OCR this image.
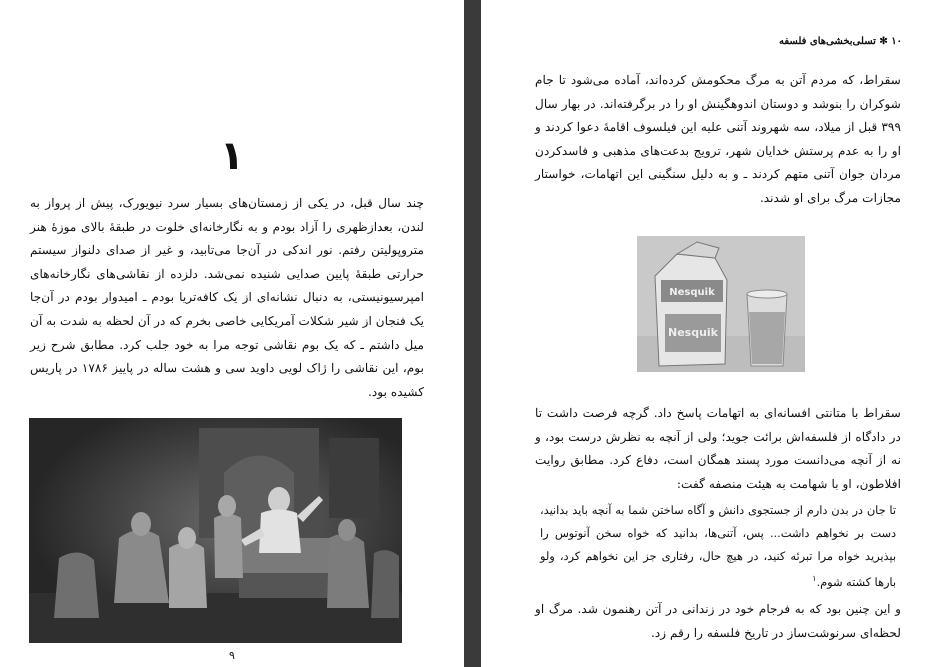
۱

چند سال قبل، در یکی از زمستان‌های بسیار سرد نیویورک، پیش از پرواز به لندن، بعدازظهری را آزاد بودم و به نگارخانه‌ای خلوت در طبقهٔ بالای موزهٔ هنر متروپولیتن رفتم. نور اندکی در آن‌جا می‌تابید، و غیر از صدای دلنواز سیستم حرارتی طبقهٔ پایین صدایی شنیده نمی‌شد. دلزده از نقاشی‌های نگارخانه‌های امپرسیونیستی، به دنبال نشانه‌ای از یک کافه‌تریا بودم ـ امیدوار بودم در آن‌جا یک فنجان از شیر شکلات آمریکایی خاصی بخرم که در آن لحظه به شدت به آن میل داشتم ـ که یک بوم نقاشی توجه مرا به خود جلب کرد. مطابق شرح زیر بوم، این نقاشی را ژاک لویی داوید سی و هشت ساله در پاییز ۱۷۸۶ در پاریس کشیده بود.

۹
۱۰ ✻ تسلی‌بخشی‌های فلسفه

سقراط، که مردم آتن به مرگ محکومش کرده‌اند، آماده می‌شود تا جام شوکران را بنوشد و دوستان اندوهگینش او را در برگرفته‌اند. در بهار سال ۳۹۹ قبل از میلاد، سه شهروند آتنی علیه این فیلسوف اقامهٔ دعوا کردند و او را به عدم پرستش خدایان شهر، ترویج بدعت‌های مذهبی و فاسدکردن مردان جوان آتنی متهم کردند ـ و به دلیل سنگینی این اتهامات، خواستار مجازات مرگ برای او شدند.

Nesquik
Nesquik

سقراط با متانتی افسانه‌ای به اتهامات پاسخ داد. گرچه فرصت داشت تا در دادگاه از فلسفه‌اش برائت جوید؛ ولی از آنچه به نظرش درست بود، و نه از آنچه می‌دانست مورد پسند همگان است، دفاع کرد. مطابق روایت افلاطون، او با شهامت به هیئت منصفه گفت:

تا جان در بدن دارم از جستجوی دانش و آگاه ساختن شما به آنچه باید بدانید، دست بر نخواهم داشت... پس، آتنی‌ها، بدانید که خواه سخن آنوتوس را بپذیرید خواه مرا تبرئه کنید، در هیچ حال، رفتاری جز این نخواهم کرد، ولو بارها کشته شوم.$^۱$

و این چنین بود که به فرجام خود در زندانی در آتن رهنمون شد. مرگ او لحظه‌ای سرنوشت‌ساز در تاریخ فلسفه را رقم زد.
